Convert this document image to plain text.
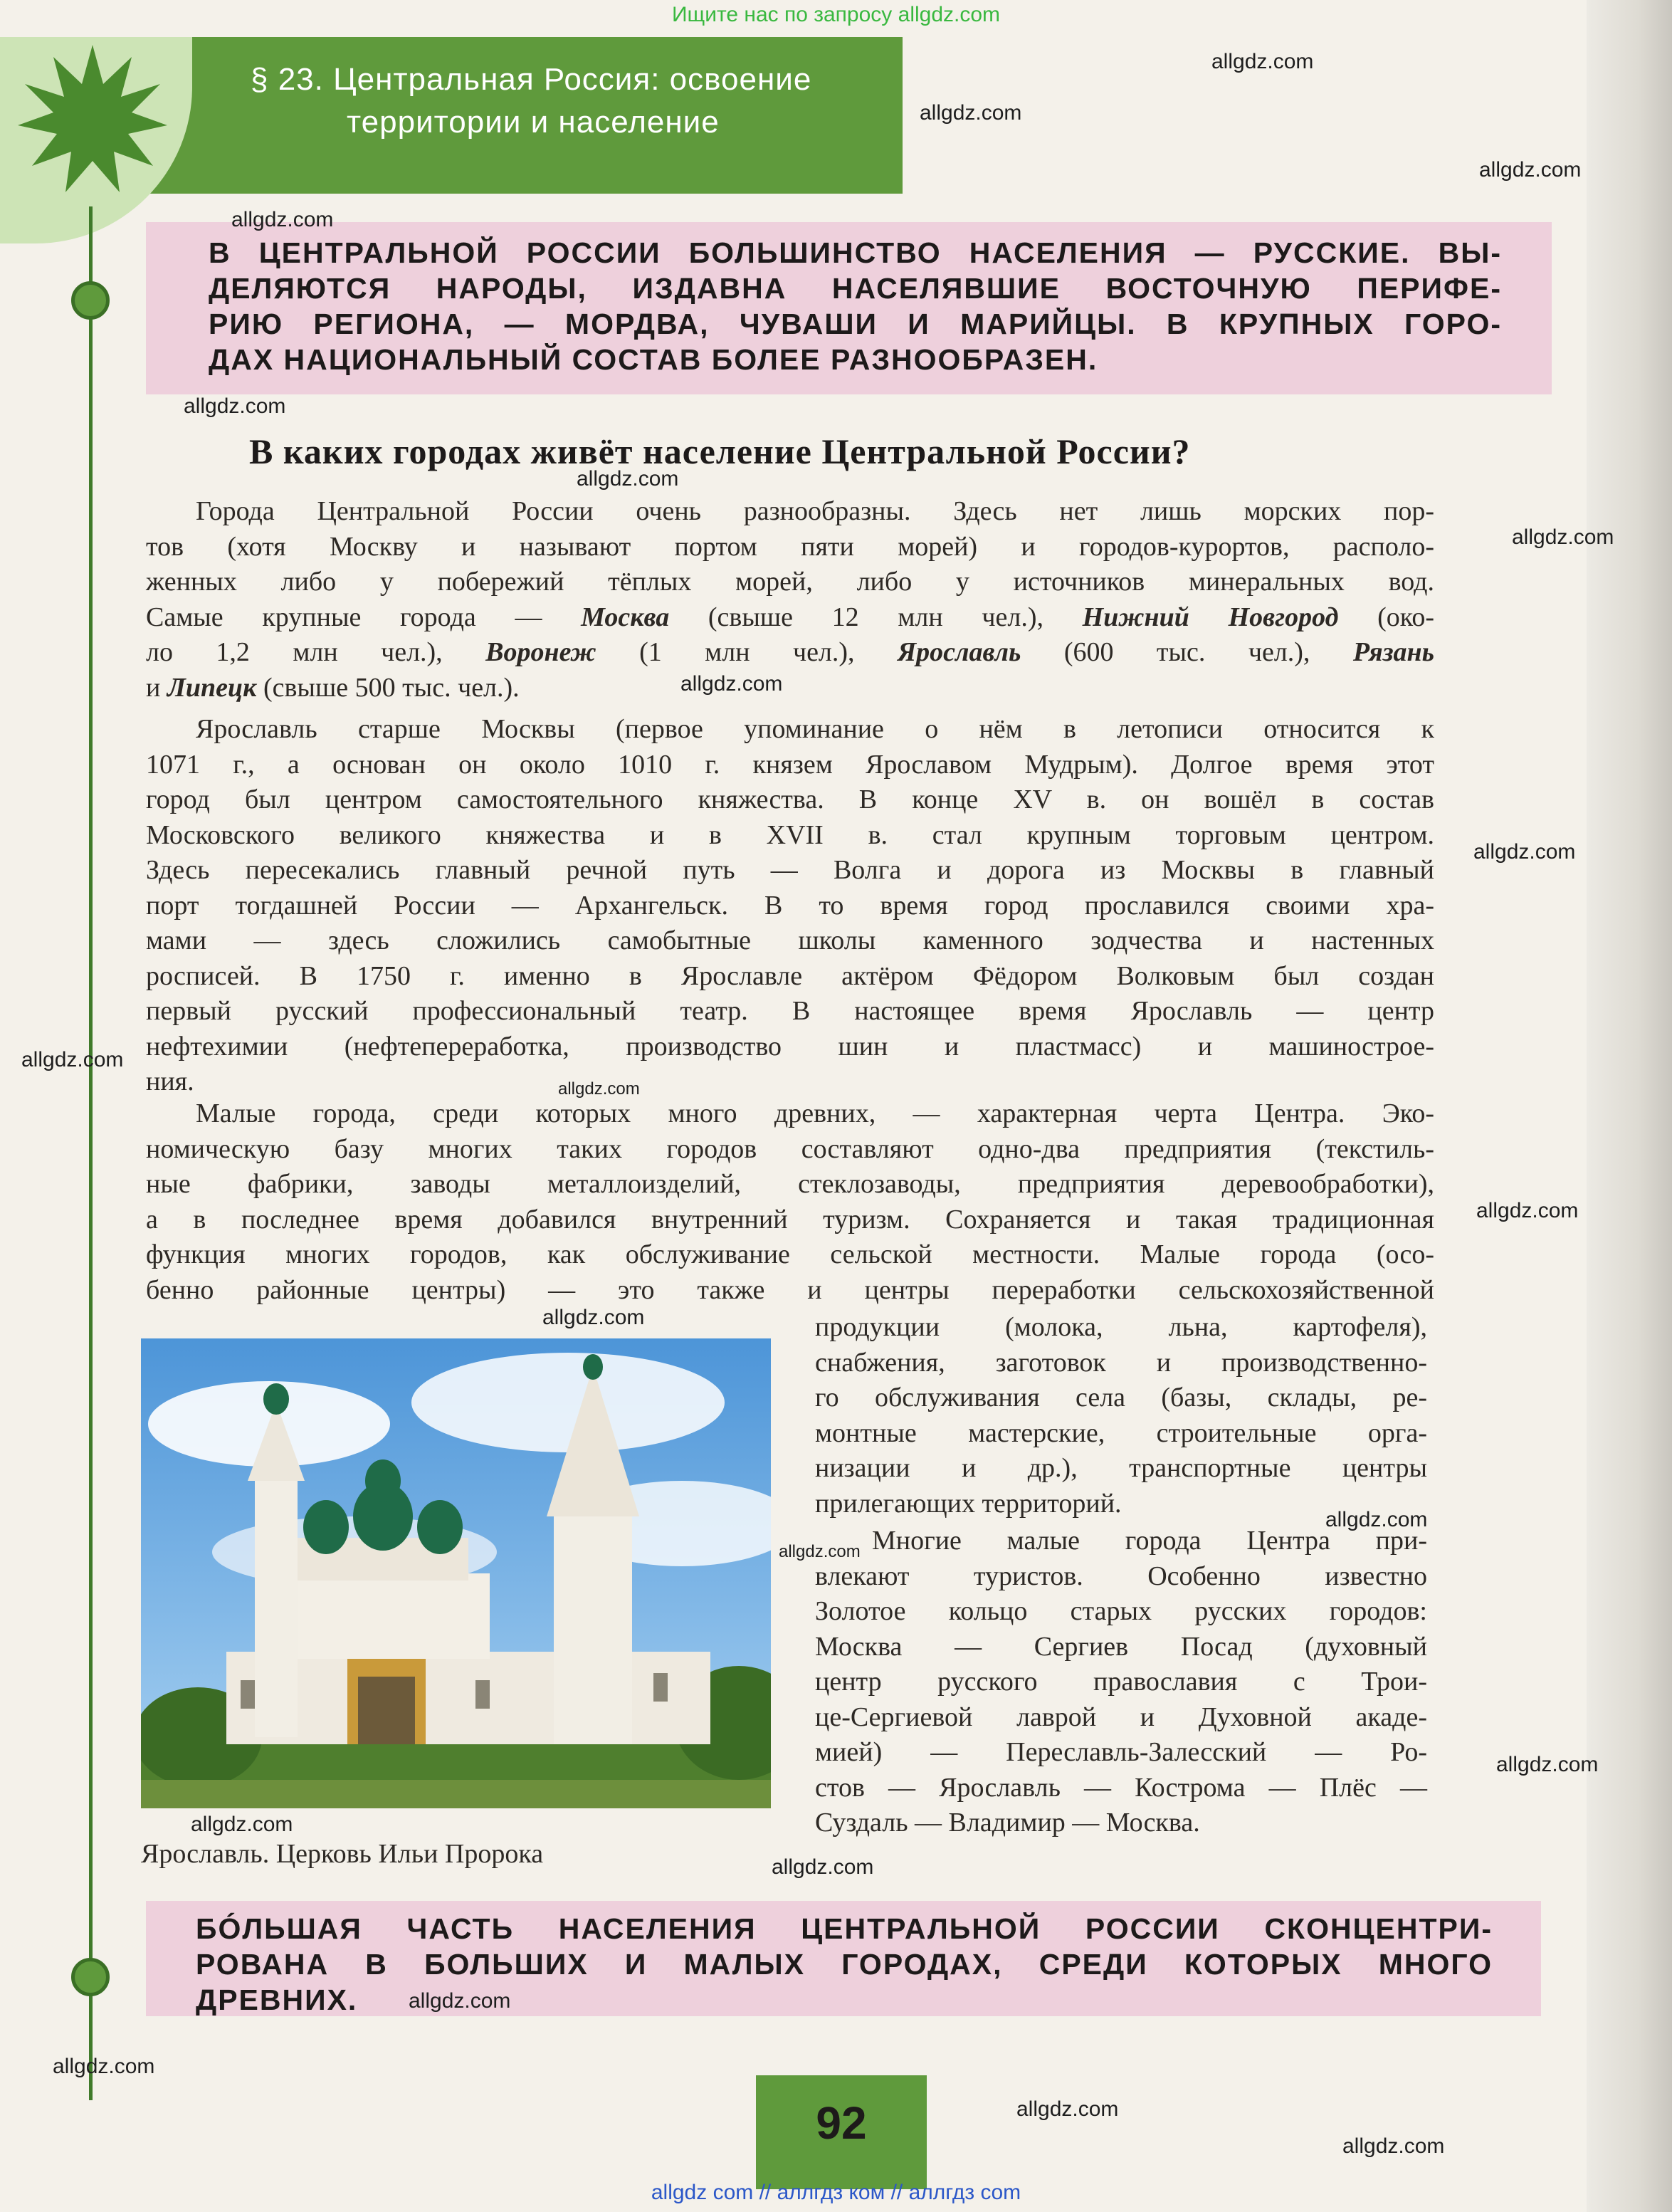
Ищите нас по запросу allgdz.com
§ 23. Центральная Россия: освоение
территории и население
В ЦЕНТРАЛЬНОЙ РОССИИ БОЛЬШИНСТВО НАСЕЛЕНИЯ — РУССКИЕ. ВЫ-
ДЕЛЯЮТСЯ НАРОДЫ, ИЗДАВНА НАСЕЛЯВШИЕ ВОСТОЧНУЮ ПЕРИФЕ-
РИЮ РЕГИОНА, — МОРДВА, ЧУВАШИ И МАРИЙЦЫ. В КРУПНЫХ ГОРО-
ДАХ НАЦИОНАЛЬНЫЙ СОСТАВ БОЛЕЕ РАЗНООБРАЗЕН.
В каких городах живёт население Центральной России?
Города Центральной России очень разнообразны. Здесь нет лишь морских пор-
тов (хотя Москву и называют портом пяти морей) и городов-курортов, располо-
женных либо у побережий тёплых морей, либо у источников минеральных вод.
Самые крупные города — Москва (свыше 12 млн чел.), Нижний Новгород (око-
ло 1,2 млн чел.), Воронеж (1 млн чел.), Ярославль (600 тыс. чел.), Рязань
и Липецк (свыше 500 тыс. чел.).
Ярославль старше Москвы (первое упоминание о нём в летописи относится к
1071 г., а основан он около 1010 г. князем Ярославом Мудрым). Долгое время этот
город был центром самостоятельного княжества. В конце XV в. он вошёл в состав
Московского великого княжества и в XVII в. стал крупным торговым центром.
Здесь пересекались главный речной путь — Волга и дорога из Москвы в главный
порт тогдашней России — Архангельск. В то время город прославился своими хра-
мами — здесь сложились самобытные школы каменного зодчества и настенных
росписей. В 1750 г. именно в Ярославле актёром Фёдором Волковым был создан
первый русский профессиональный театр. В настоящее время Ярославль — центр
нефтехимии (нефтепереработка, производство шин и пластмасс) и машинострое-
ния.
Малые города, среди которых много древних, — характерная черта Центра. Эко-
номическую базу многих таких городов составляют одно-два предприятия (текстиль-
ные фабрики, заводы металлоизделий, стеклозаводы, предприятия деревообработки),
а в последнее время добавился внутренний туризм. Сохраняется и такая традиционная
функция многих городов, как обслуживание сельской местности. Малые города (осо-
бенно районные центры) — это также и центры переработки сельскохозяйственной
продукции (молока, льна, картофеля),
снабжения, заготовок и производственно-
го обслуживания села (базы, склады, ре-
монтные мастерские, строительные орга-
низации и др.), транспортные центры
прилегающих территорий.
Многие малые города Центра при-
влекают туристов. Особенно известно
Золотое кольцо старых русских городов:
Москва — Сергиев Посад (духовный
центр русского православия с Трои-
це-Сергиевой лаврой и Духовной акаде-
мией) — Переславль-Залесский — Ро-
стов — Ярославль — Кострома — Плёс —
Суздаль — Владимир — Москва.
Ярославль. Церковь Ильи Пророка
БÓЛЬШАЯ ЧАСТЬ НАСЕЛЕНИЯ ЦЕНТРАЛЬНОЙ РОССИИ СКОНЦЕНТРИ-
РОВАНА В БОЛЬШИХ И МАЛЫХ ГОРОДАХ, СРЕДИ КОТОРЫХ МНОГО
ДРЕВНИХ.
92
allgdz.com
allgdz.com
allgdz.com
allgdz.com
allgdz.com
allgdz.com
allgdz.com
allgdz.com
allgdz.com
allgdz.com
allgdz.com
allgdz.com
allgdz.com
allgdz.com
allgdz.com
allgdz.com
allgdz.com
allgdz.com
allgdz.com
allgdz.com
allgdz.com
allgdz.com
allgdz com // аллгдз ком // аллгдз com
